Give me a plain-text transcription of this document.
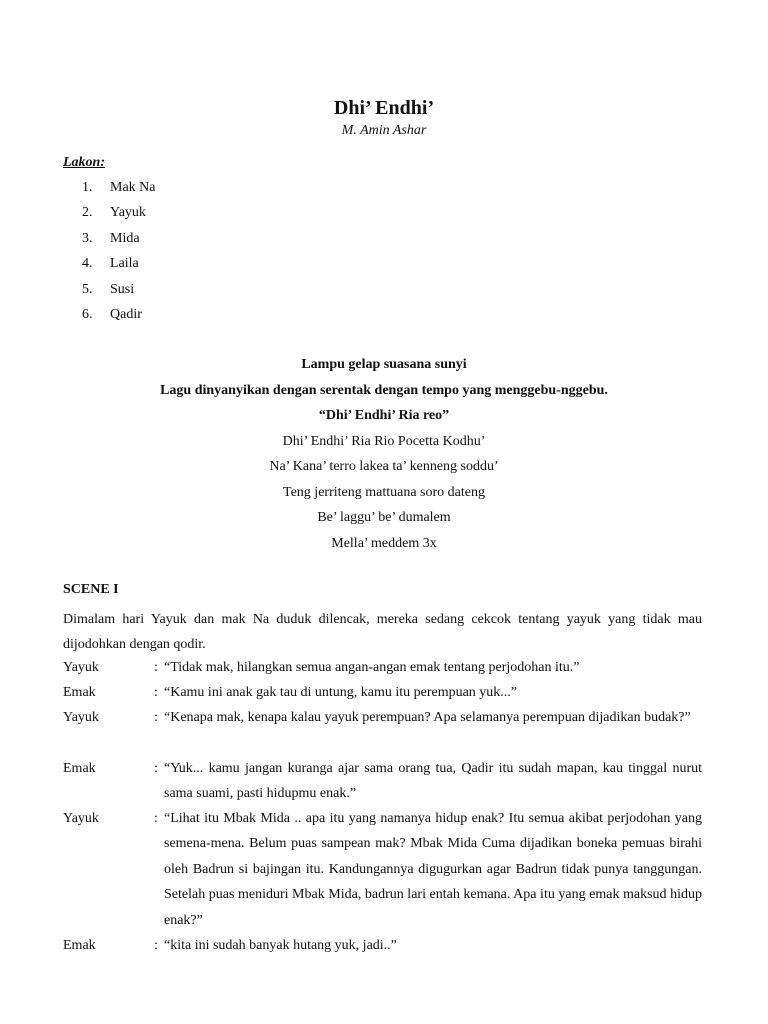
Dhi’ Endhi’
M. Amin Ashar
Lakon:
1. Mak Na
2. Yayuk
3. Mida
4. Laila
5. Susi
6. Qadir
Lampu gelap suasana sunyi
Lagu dinyanyikan dengan serentak dengan tempo yang menggebu-nggebu.
“Dhi’ Endhi’ Ria reo”
Dhi’ Endhi’ Ria Rio Pocetta Kodhu’
Na’ Kana’ terro lakea ta’ kenneng soddu’
Teng jerriteng mattuana soro dateng
Be’ laggu’ be’ dumalem
Mella’ meddem 3x
SCENE I
Dimalam hari Yayuk dan mak Na duduk dilencak, mereka sedang cekcok tentang yayuk yang tidak mau dijodohkan dengan qodir.
Yayuk	: “Tidak mak, hilangkan semua angan-angan emak tentang perjodohan itu.”
Emak	: “Kamu ini anak gak tau di untung, kamu itu perempuan yuk...”
Yayuk	: “Kenapa mak, kenapa kalau yayuk perempuan? Apa selamanya perempuan dijadikan budak?”
Emak	: “Yuk... kamu jangan kuranga ajar sama orang tua, Qadir itu sudah mapan, kau tinggal nurut sama suami, pasti hidupmu enak.”
Yayuk	: “Lihat itu Mbak Mida .. apa itu yang namanya hidup enak? Itu semua akibat perjodohan yang semena-mena. Belum puas sampean mak? Mbak Mida Cuma dijadikan boneka pemuas birahi oleh Badrun si bajingan itu. Kandungannya digugurkan agar Badrun tidak punya tanggungan. Setelah puas meniduri Mbak Mida, badrun lari entah kemana. Apa itu yang emak maksud hidup enak?”
Emak	: “kita ini sudah banyak hutang yuk, jadi..”
